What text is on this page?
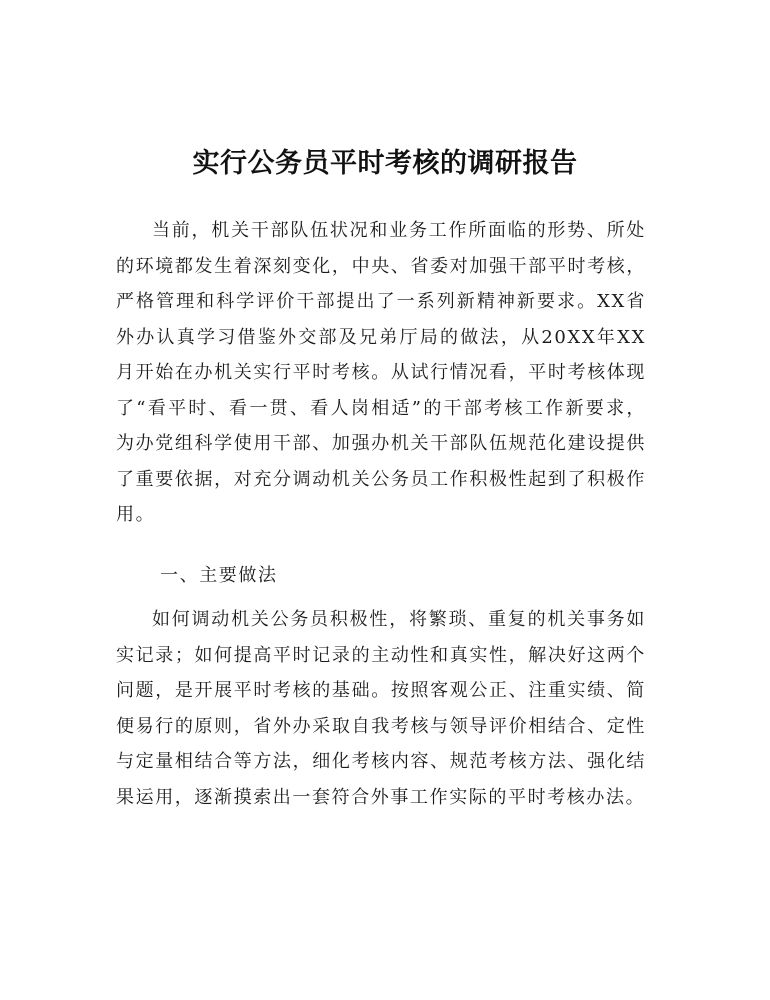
实行公务员平时考核的调研报告

当前，机关干部队伍状况和业务工作所面临的形势、所处的环境都发生着深刻变化，中央、省委对加强干部平时考核，严格管理和科学评价干部提出了一系列新精神新要求。XX省外办认真学习借鉴外交部及兄弟厅局的做法，从20XX年XX月开始在办机关实行平时考核。从试行情况看，平时考核体现了“看平时、看一贯、看人岗相适”的干部考核工作新要求，为办党组科学使用干部、加强办机关干部队伍规范化建设提供了重要依据，对充分调动机关公务员工作积极性起到了积极作用。

一、主要做法

如何调动机关公务员积极性，将繁琐、重复的机关事务如实记录；如何提高平时记录的主动性和真实性，解决好这两个问题，是开展平时考核的基础。按照客观公正、注重实绩、简便易行的原则，省外办采取自我考核与领导评价相结合、定性与定量相结合等方法，细化考核内容、规范考核方法、强化结果运用，逐渐摸索出一套符合外事工作实际的平时考核办法。
